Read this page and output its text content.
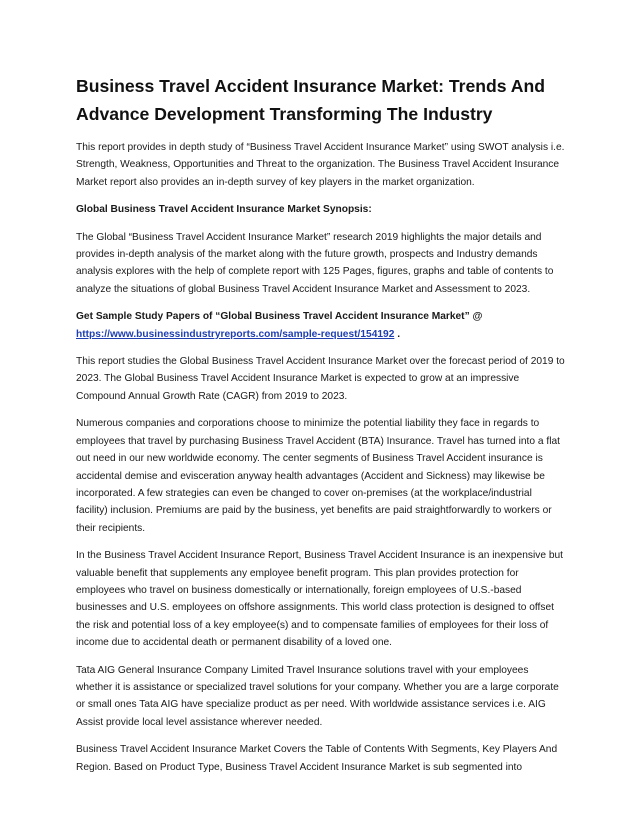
Business Travel Accident Insurance Market: Trends And Advance Development Transforming The Industry

This report provides in depth study of “Business Travel Accident Insurance Market” using SWOT analysis i.e. Strength, Weakness, Opportunities and Threat to the organization. The Business Travel Accident Insurance Market report also provides an in-depth survey of key players in the market organization.

Global Business Travel Accident Insurance Market Synopsis:

The Global “Business Travel Accident Insurance Market” research 2019 highlights the major details and provides in-depth analysis of the market along with the future growth, prospects and Industry demands analysis explores with the help of complete report with 125 Pages, figures, graphs and table of contents to analyze the situations of global Business Travel Accident Insurance Market and Assessment to 2023.

Get Sample Study Papers of “Global Business Travel Accident Insurance Market” @
https://www.businessindustryreports.com/sample-request/154192 .

This report studies the Global Business Travel Accident Insurance Market over the forecast period of 2019 to 2023. The Global Business Travel Accident Insurance Market is expected to grow at an impressive Compound Annual Growth Rate (CAGR) from 2019 to 2023.

Numerous companies and corporations choose to minimize the potential liability they face in regards to employees that travel by purchasing Business Travel Accident (BTA) Insurance. Travel has turned into a flat out need in our new worldwide economy. The center segments of Business Travel Accident insurance is accidental demise and evisceration anyway health advantages (Accident and Sickness) may likewise be incorporated. A few strategies can even be changed to cover on-premises (at the workplace/industrial facility) inclusion. Premiums are paid by the business, yet benefits are paid straightforwardly to workers or their recipients.

In the Business Travel Accident Insurance Report, Business Travel Accident Insurance is an inexpensive but valuable benefit that supplements any employee benefit program. This plan provides protection for employees who travel on business domestically or internationally, foreign employees of U.S.-based businesses and U.S. employees on offshore assignments. This world class protection is designed to offset the risk and potential loss of a key employee(s) and to compensate families of employees for their loss of income due to accidental death or permanent disability of a loved one.

Tata AIG General Insurance Company Limited Travel Insurance solutions travel with your employees whether it is assistance or specialized travel solutions for your company. Whether you are a large corporate or small ones Tata AIG have specialize product as per need. With worldwide assistance services i.e. AIG Assist provide local level assistance wherever needed.

Business Travel Accident Insurance Market Covers the Table of Contents With Segments, Key Players And Region. Based on Product Type, Business Travel Accident Insurance Market is sub segmented into
